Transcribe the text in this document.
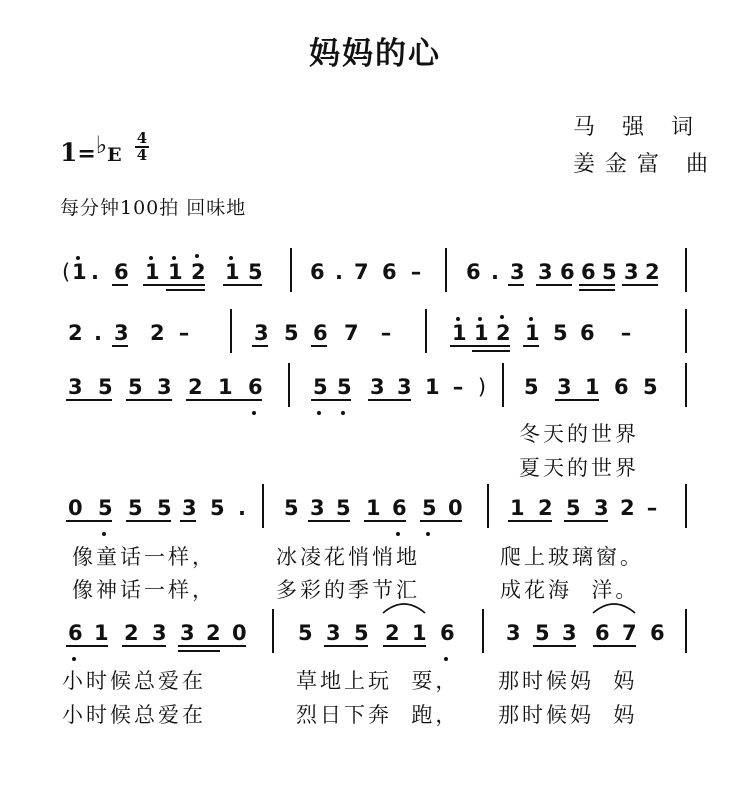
妈妈的心
马 强 词
姜金富 曲
1=♭E
4
4
每分钟100拍 回味地
( 1 . 6 1 1 2 1 5 6 . 7 6 – 6 . 3 3 6 6 5 3 2
2 . 3 2 –	3 5 6 7 –	1 1 2 1 5 6 –
3 5 5 3 2 1 6 5 5 3 3 1 – ) 5 3 1 6 5
冬天的世界
夏天的世界
0 5 5 5 3 5 . 5 3 5 1 6 5 0 1 2 5 3 2 –
像童话一样，	冰凌花悄悄地	爬上玻璃窗。
像神话一样，	多彩的季节汇	成花海  洋。
6 1 2 3 3 2 0 5 3 5 2 1 6 3 5 3 6 7 6
小时候总爱在	草地上玩  耍， 那时候妈  妈
小时候总爱在	烈日下奔  跑， 那时候妈  妈
